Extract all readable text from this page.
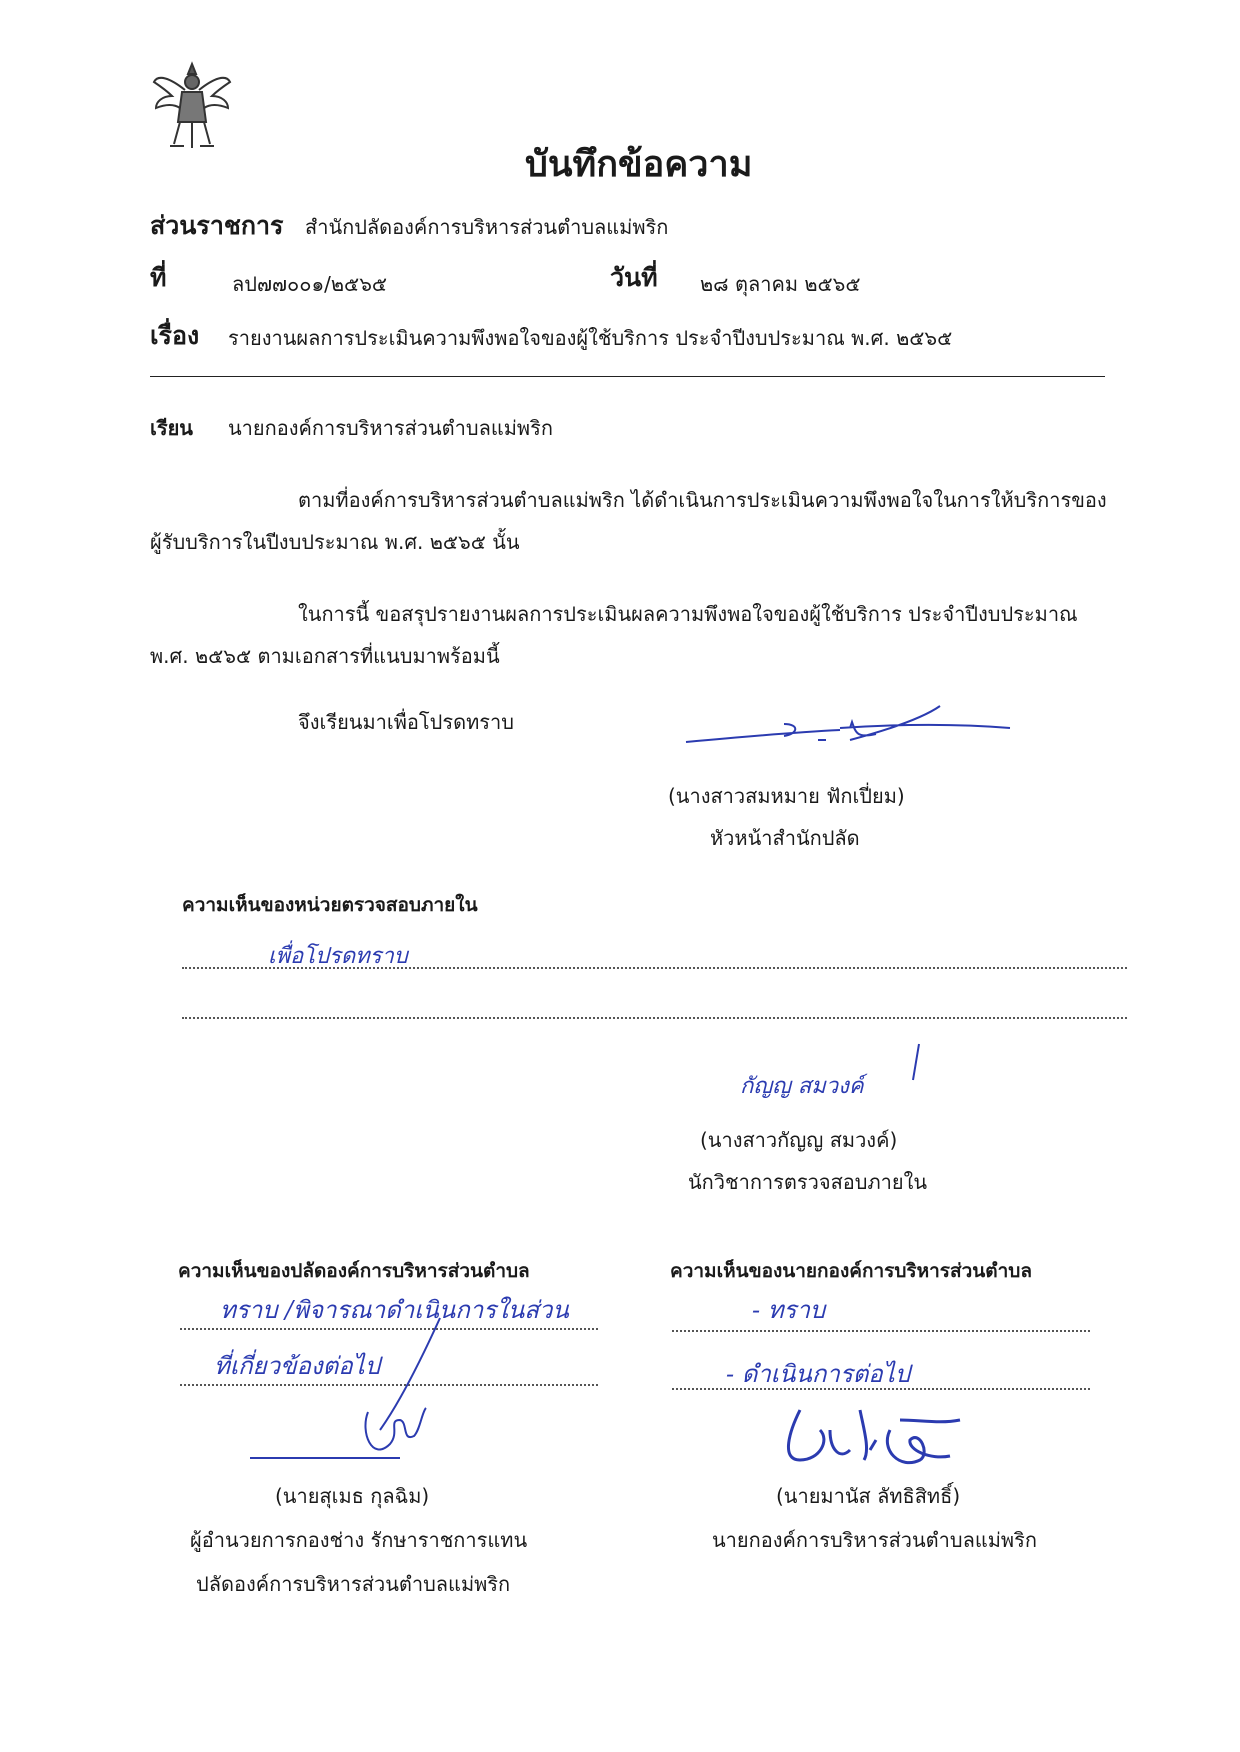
บันทึกข้อความ
ส่วนราชการ สำนักปลัดองค์การบริหารส่วนตำบลแม่พริก
ที่	ลป๗๗๐๐๑/๒๕๖๕	วันที่ ๒๘ ตุลาคม ๒๕๖๕
เรื่อง รายงานผลการประเมินความพึงพอใจของผู้ใช้บริการ ประจำปีงบประมาณ พ.ศ. ๒๕๖๕
เรียน นายกองค์การบริหารส่วนตำบลแม่พริก
ตามที่องค์การบริหารส่วนตำบลแม่พริก ได้ดำเนินการประเมินความพึงพอใจในการให้บริการของ
ผู้รับบริการในปีงบประมาณ พ.ศ. ๒๕๖๕ นั้น
ในการนี้ ขอสรุปรายงานผลการประเมินผลความพึงพอใจของผู้ใช้บริการ ประจำปีงบประมาณ
พ.ศ. ๒๕๖๕ ตามเอกสารที่แนบมาพร้อมนี้
จึงเรียนมาเพื่อโปรดทราบ
(นางสาวสมหมาย ฟักเปี่ยม)
หัวหน้าสำนักปลัด
ความเห็นของหน่วยตรวจสอบภายใน
เพื่อโปรดทราบ
กัญญ สมวงค์
(นางสาวกัญญ สมวงค์)
นักวิชาการตรวจสอบภายใน
ความเห็นของปลัดองค์การบริหารส่วนตำบล
ทราบ /พิจารณาดำเนินการในส่วน
ที่เกี่ยวข้องต่อไป
(นายสุเมธ กุลฉิม)
ผู้อำนวยการกองช่าง รักษาราชการแทน
ปลัดองค์การบริหารส่วนตำบลแม่พริก
ความเห็นของนายกองค์การบริหารส่วนตำบล
- ทราบ
- ดำเนินการต่อไป
(นายมานัส ลัทธิสิทธิ์)
นายกองค์การบริหารส่วนตำบลแม่พริก
